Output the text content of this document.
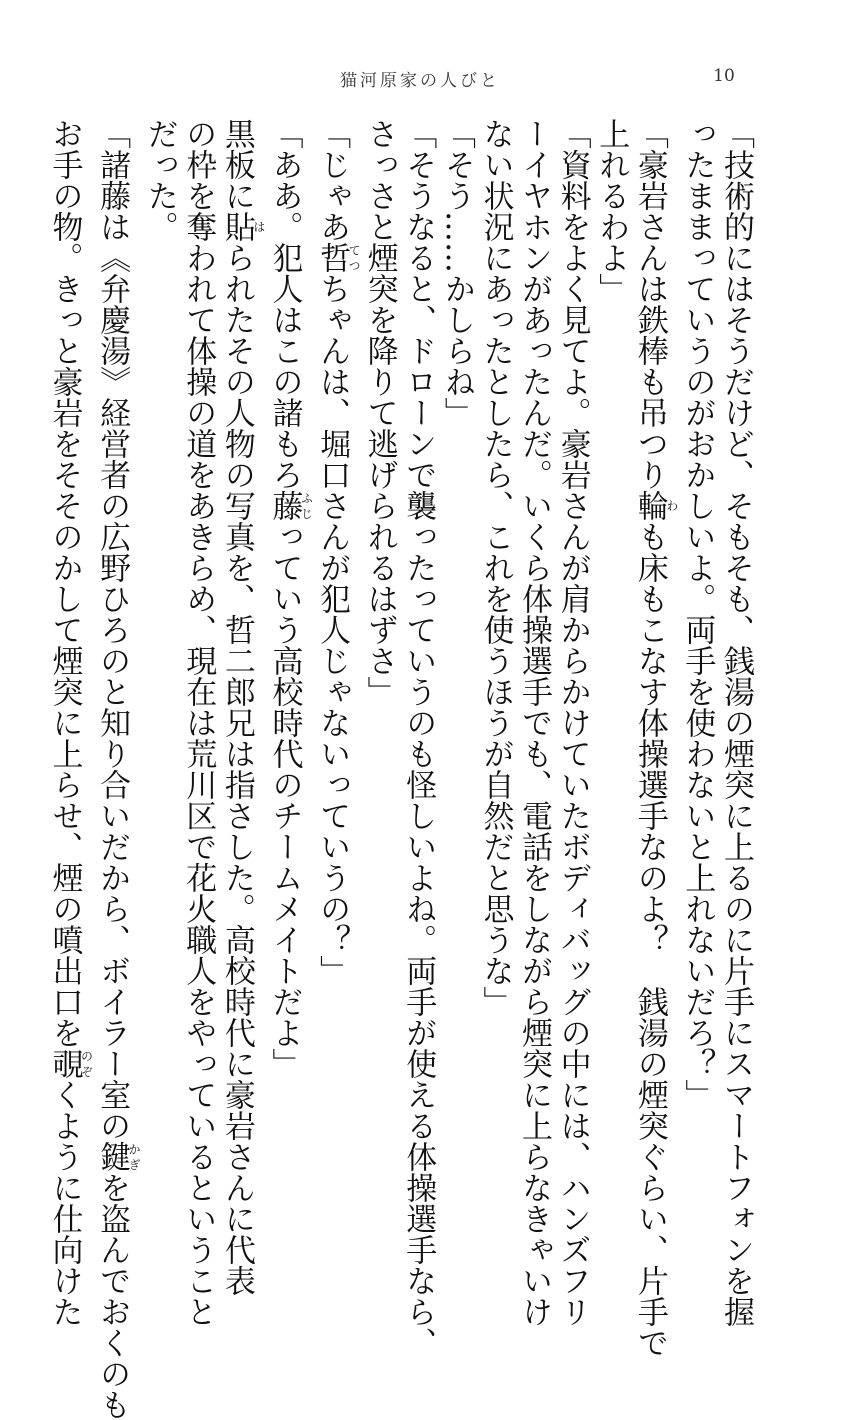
猫河原家の人びと	10
「技術的にはそうだけど、そもそも、銭湯の煙突に上るのに片手にスマートフォンを握
ったままっていうのがおかしいよ。両手を使わないと上れないだろ？」
「豪岩さんは鉄棒も吊つり輪わも床もこなす体操選手なのよ？　銭湯の煙突ぐらい、片手で
上れるわよ」
「資料をよく見てよ。豪岩さんが肩からかけていたボディバッグの中には、ハンズフリ
ーイヤホンがあったんだ。いくら体操選手でも、電話をしながら煙突に上らなきゃいけ
ない状況にあったとしたら、これを使うほうが自然だと思うな」
「そう……かしらね」
「そうなると、ドローンで襲ったっていうのも怪しいよね。両手が使える体操選手なら、
さっさと煙突を降りて逃げられるはずさ」
「じゃあ哲てつちゃんは、堀口さんが犯人じゃないっていうの？」
「ああ。犯人はこの諸もろ藤ふじっていう高校時代のチームメイトだよ」
黒板に貼はられたその人物の写真を、哲二郎兄は指さした。高校時代に豪岩さんに代表
の枠を奪われて体操の道をあきらめ、現在は荒川区で花火職人をやっているということ
だった。
「諸藤は《弁慶湯》経営者の広野ひろのと知り合いだから、ボイラー室の鍵かぎを盗んでおくのも
お手の物。きっと豪岩をそそのかして煙突に上らせ、煙の噴出口を覗のぞくように仕向けた
